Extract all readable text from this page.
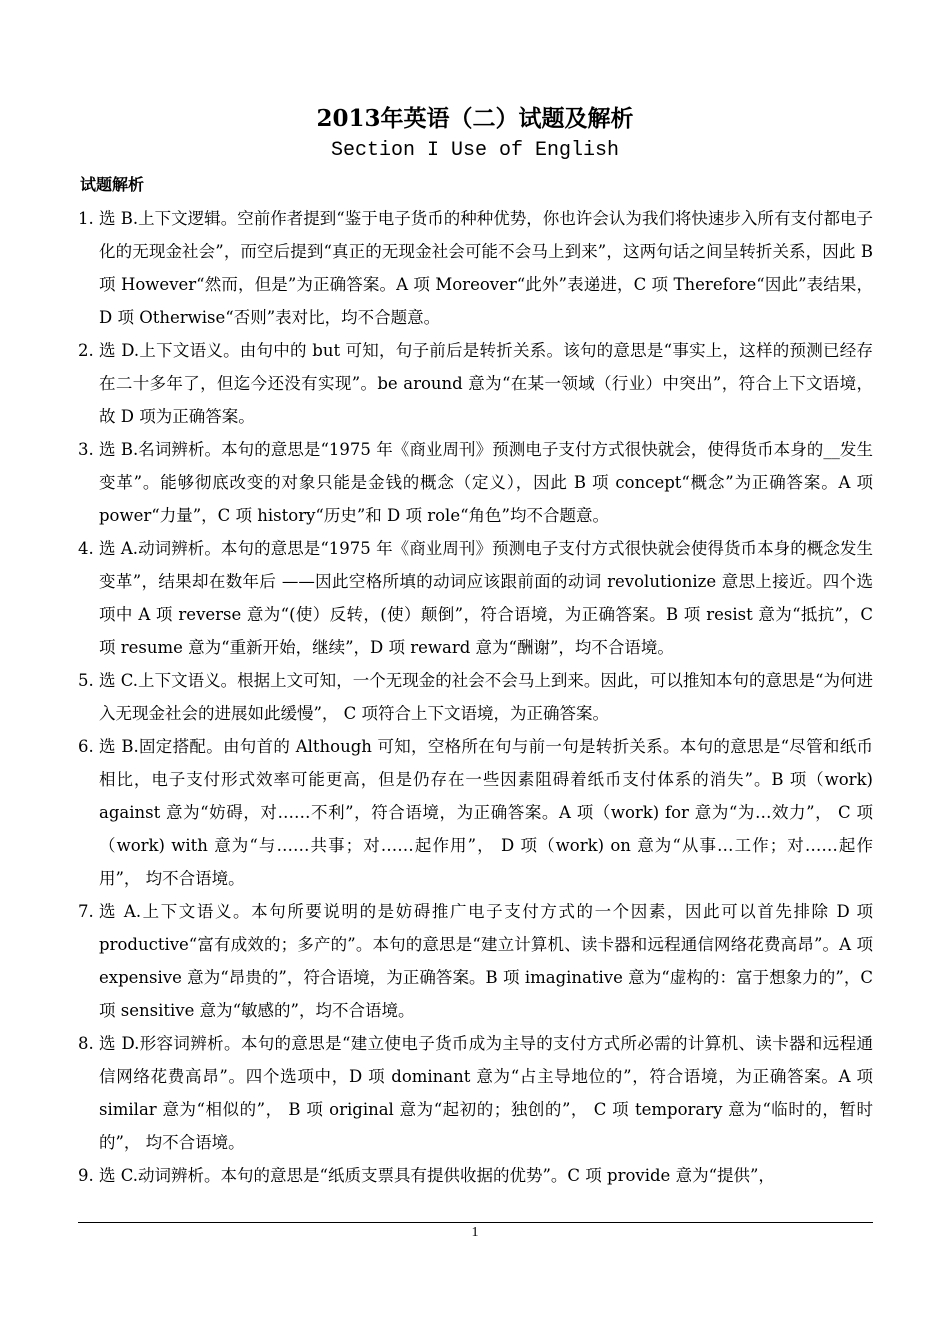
2013年英语（二）试题及解析
Section I Use of English
试题解析

1. 选 B.上下文逻辑。空前作者提到“鉴于电子货币的种种优势，你也许会认为我们将快速步入所有支付都电子化的无现金社会”，而空后提到“真正的无现金社会可能不会马上到来”，这两句话之间呈转折关系，因此 B 项 However“然而，但是”为正确答案。A 项 Moreover“此外”表递进，C 项 Therefore“因此”表结果，D 项 Otherwise“否则”表对比，均不合题意。

2. 选 D.上下文语义。由句中的 but 可知，句子前后是转折关系。该句的意思是“事实上，这样的预测已经存在二十多年了，但迄今还没有实现”。be around 意为“在某一领域（行业）中突出”，符合上下文语境，故 D 项为正确答案。

3. 选 B.名词辨析。本句的意思是“1975 年《商业周刊》预测电子支付方式很快就会，使得货币本身的__发生变革”。能够彻底改变的对象只能是金钱的概念（定义），因此 B 项 concept“概念”为正确答案。A 项 power“力量”，C 项 history“历史”和 D 项 role“角色”均不合题意。

4. 选 A.动词辨析。本句的意思是“1975 年《商业周刊》预测电子支付方式很快就会使得货币本身的概念发生变革”，结果却在数年后 ——因此空格所填的动词应该跟前面的动词 revolutionize 意思上接近。四个选项中 A 项 reverse 意为“(使）反转，(使）颠倒”，符合语境，为正确答案。B 项 resist 意为“抵抗”，C 项 resume 意为“重新开始，继续”，D 项 reward 意为“酬谢”，均不合语境。

5. 选 C.上下文语义。根据上文可知，一个无现金的社会不会马上到来。因此，可以推知本句的意思是“为何进入无现金社会的进展如此缓慢”， C 项符合上下文语境，为正确答案。

6. 选 B.固定搭配。由句首的 Although 可知，空格所在句与前一句是转折关系。本句的意思是“尽管和纸币相比，电子支付形式效率可能更高，但是仍存在一些因素阻碍着纸币支付体系的消失”。B 项（work) against 意为“妨碍，对……不利”，符合语境，为正确答案。A 项（work) for 意为“为…效力”， C 项（work) with 意为“与……共事；对……起作用”， D 项（work) on 意为“从事…工作；对……起作用”， 均不合语境。

7. 选 A.上下文语义。本句所要说明的是妨碍推广电子支付方式的一个因素，因此可以首先排除 D 项 productive“富有成效的；多产的”。本句的意思是“建立计算机、读卡器和远程通信网络花费高昂”。A 项 expensive 意为“昂贵的”，符合语境，为正确答案。B 项 imaginative 意为“虚构的：富于想象力的”，C 项 sensitive 意为“敏感的”，均不合语境。

8. 选 D.形容词辨析。本句的意思是“建立使电子货币成为主导的支付方式所必需的计算机、读卡器和远程通信网络花费高昂”。四个选项中，D 项 dominant 意为“占主导地位的”，符合语境，为正确答案。A 项 similar 意为“相似的”， B 项 original 意为“起初的；独创的”， C 项 temporary 意为“临时的，暂时的”， 均不合语境。

9. 选 C.动词辨析。本句的意思是“纸质支票具有提供收据的优势”。C 项 provide 意为“提供”，

1
